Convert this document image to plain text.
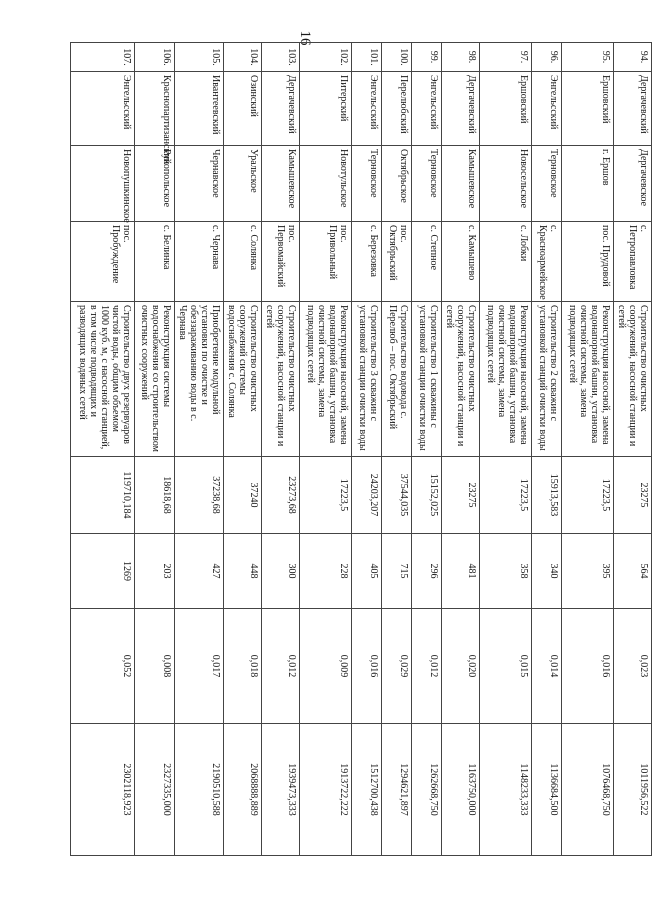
16
94.	Дергачевский	Дергачевское	с. Петропавловка	Строительство очистных сооружений, насосной станции и сетей	23275	564	0,023	1011956,522
95.	Ершовский	г. Ершов	пос. Прудовой	Реконструкция насосной, замена водонапорной башни, установка очистной системы, замена подводящих сетей	17223,5	395	0,016	1076468,750
96.	Энгельсский	Терновское	с. Красноармейское	Строительство 2 скважин с установкой станций очистки воды	15913,583	340	0,014	1136684,500
97.	Ершовский	Новосельское	с. Лобки	Реконструкция насосной, замена водонапорной башни, установка очистной системы, замена подводящих сетей	17223,5	358	0,015	1148233,333
98.	Дергачевский	Камышевское	с. Камышево	Строительство очистных сооружений, насосной станции и сетей	23275	481	0,020	1163750,000
99.	Энгельсский	Терновское	с. Степное	Строительство 1 скважины с установкой станции очистки воды	15152,025	296	0,012	1262668,750
100.	Перелюбский	Октябрьское	пос. Октябрьский	Строительство водовода с. Перелюб – пос. Октябрьский	37544,035	715	0,029	1294621,897
101.	Энгельсский	Терновское	с. Березовка	Строительство 3 скважин с установкой станции очистки воды	24203,207	405	0,016	1512700,438
102.	Питерский	Новотульское	пос. Привольный	Реконструкция насосной, замена водонапорной башни, установка очистной системы, замена подводящих сетей	17223,5	228	0,009	1913722,222
103.	Дергачевский	Камышевское	пос. Первомайский	Строительство очистных сооружений, насосной станции и сетей	23273,68	300	0,012	1939473,333
104.	Озинский	Уральское	с. Солянка	Строительство очистных сооружений системы водоснабжения с. Солянка	37240	448	0,018	2068888,889
105.	Ивантеевский	Чернавское	с. Чернава	Приобретение модульной установки по очистке и обеззараживанию воды в с. Чернава	37238,68	427	0,017	2190510,588
106.	Краснопартизанский	Рукопольское	с. Белинка	Реконструкция системы водоснабжения со строительством очистных сооружений	18618,68	203	0,008	2327335,000
107.	Энгельсский	Новопушкинское	пос. Пробуждение	Строительство двух резервуаров чистой воды, общим объемом 1000 куб. м, с насосной станцией, в том числе подводящих и разводящих водяных сетей	119710,184	1269	0,052	2302118,923
